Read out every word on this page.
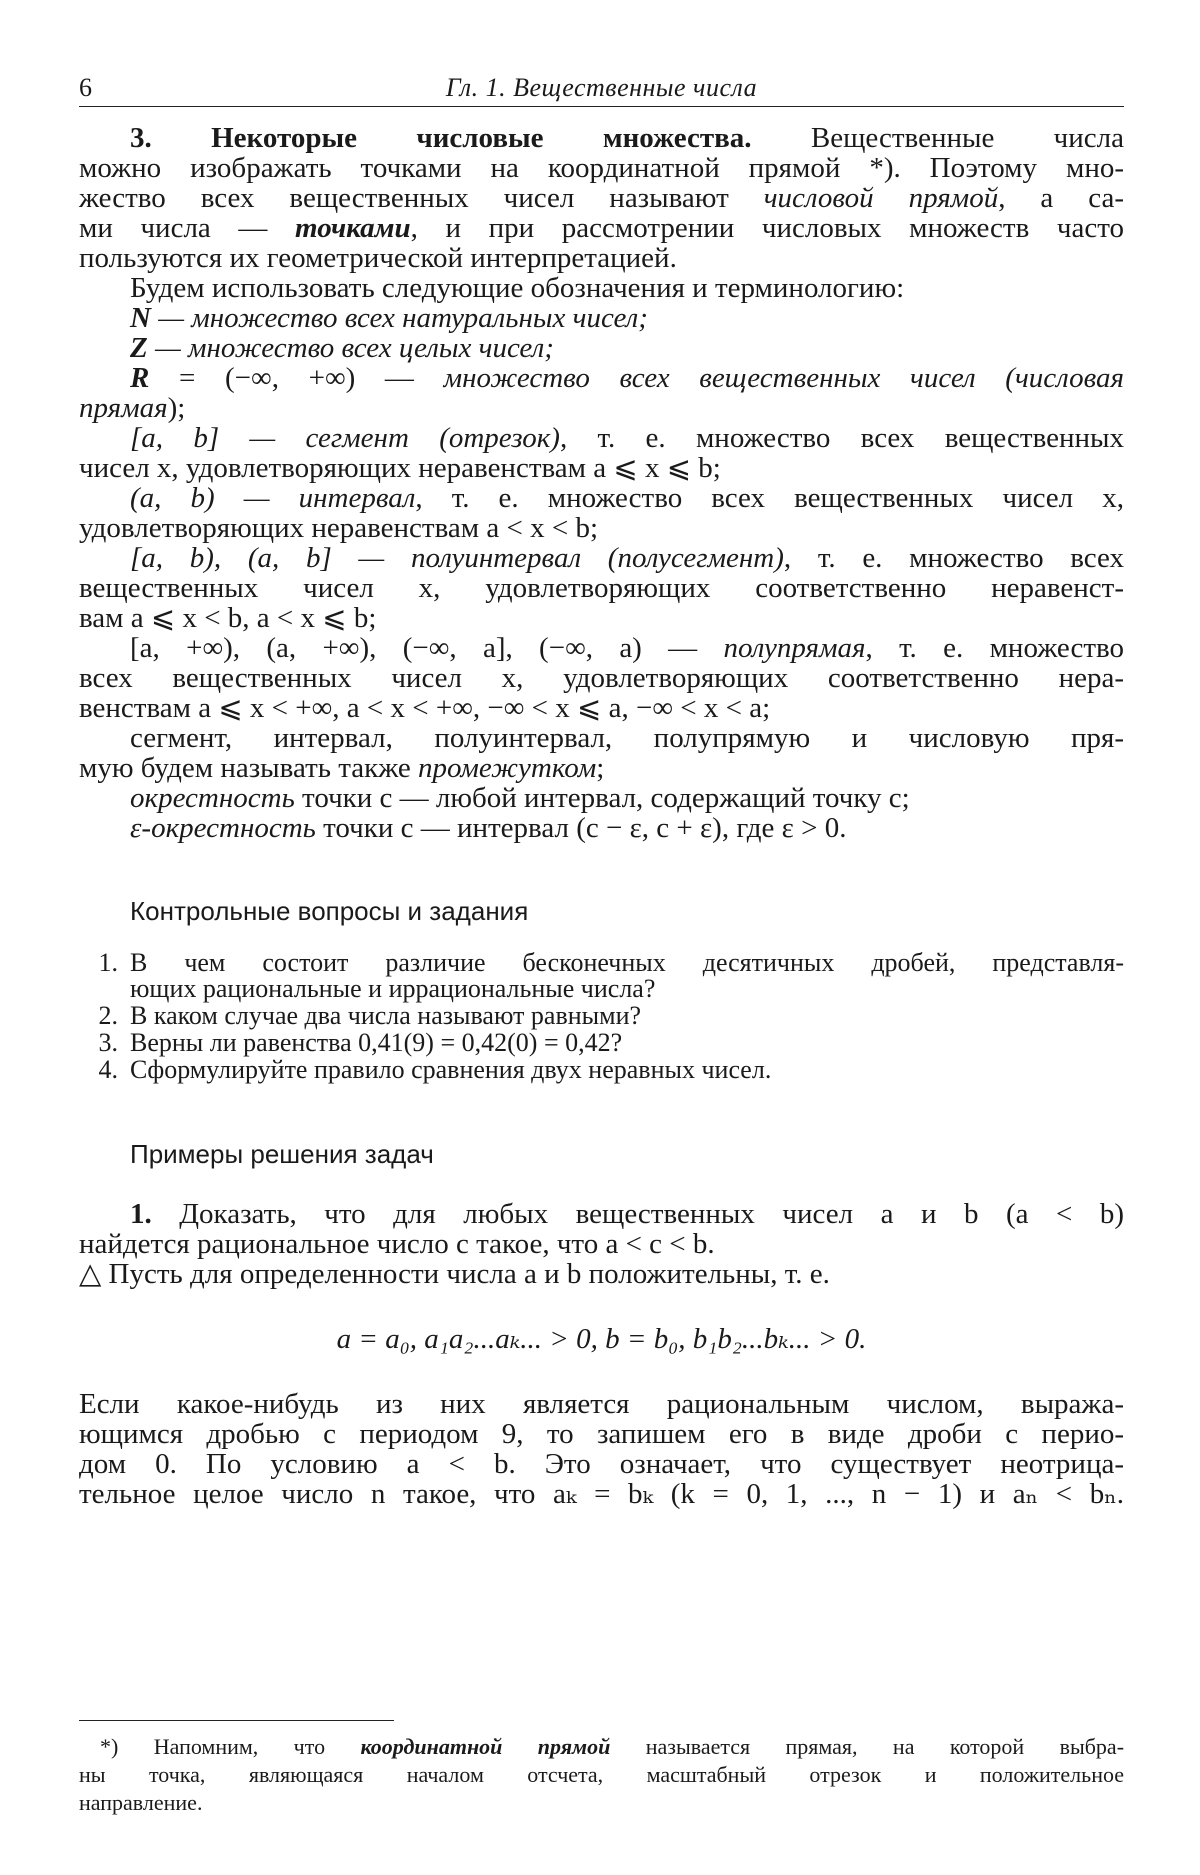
6	Гл. 1. Вещественные числа
3. Некоторые числовые множества. Вещественные числа
можно изображать точками на координатной прямой *). Поэтому мно-
жество всех вещественных чисел называют числовой прямой, а са-
ми числа — точками, и при рассмотрении числовых множеств часто
пользуются их геометрической интерпретацией.
Будем использовать следующие обозначения и терминологию:
N — множество всех натуральных чисел;
Z — множество всех целых чисел;
R = (−∞, +∞) — множество всех вещественных чисел (числовая
прямая);
[a, b] — сегмент (отрезок), т. е. множество всех вещественных
чисел x, удовлетворяющих неравенствам a ⩽ x ⩽ b;
(a, b) — интервал, т. е. множество всех вещественных чисел x,
удовлетворяющих неравенствам a < x < b;
[a, b), (a, b] — полуинтервал (полусегмент), т. е. множество всех
вещественных чисел x, удовлетворяющих соответственно неравенст-
вам a ⩽ x < b, a < x ⩽ b;
[a, +∞), (a, +∞), (−∞, a], (−∞, a) — полупрямая, т. е. множество
всех вещественных чисел x, удовлетворяющих соответственно нера-
венствам a ⩽ x < +∞, a < x < +∞, −∞ < x ⩽ a, −∞ < x < a;
сегмент, интервал, полуинтервал, полупрямую и числовую пря-
мую будем называть также промежутком;
окрестность точки c — любой интервал, содержащий точку c;
ε-окрестность точки c — интервал (c − ε, c + ε), где ε > 0.
Контрольные вопросы и задания
1. В чем состоит различие бесконечных десятичных дробей, представля-
ющих рациональные и иррациональные числа?
2. В каком случае два числа называют равными?
3. Верны ли равенства 0,41(9) = 0,42(0) = 0,42?
4. Сформулируйте правило сравнения двух неравных чисел.
Примеры решения задач
1. Доказать, что для любых вещественных чисел a и b (a < b)
найдется рациональное число c такое, что a < c < b.
△ Пусть для определенности числа a и b положительны, т. е.
a = a₀, a₁a₂...aₖ... > 0, b = b₀, b₁b₂...bₖ... > 0.
Если какое-нибудь из них является рациональным числом, выража-
ющимся дробью с периодом 9, то запишем его в виде дроби с перио-
дом 0. По условию a < b. Это означает, что существует неотрица-
тельное целое число n такое, что aₖ = bₖ (k = 0, 1, ..., n − 1) и aₙ < bₙ.
*) Напомним, что координатной прямой называется прямая, на которой выбра-
ны точка, являющаяся началом отсчета, масштабный отрезок и положительное
направление.
